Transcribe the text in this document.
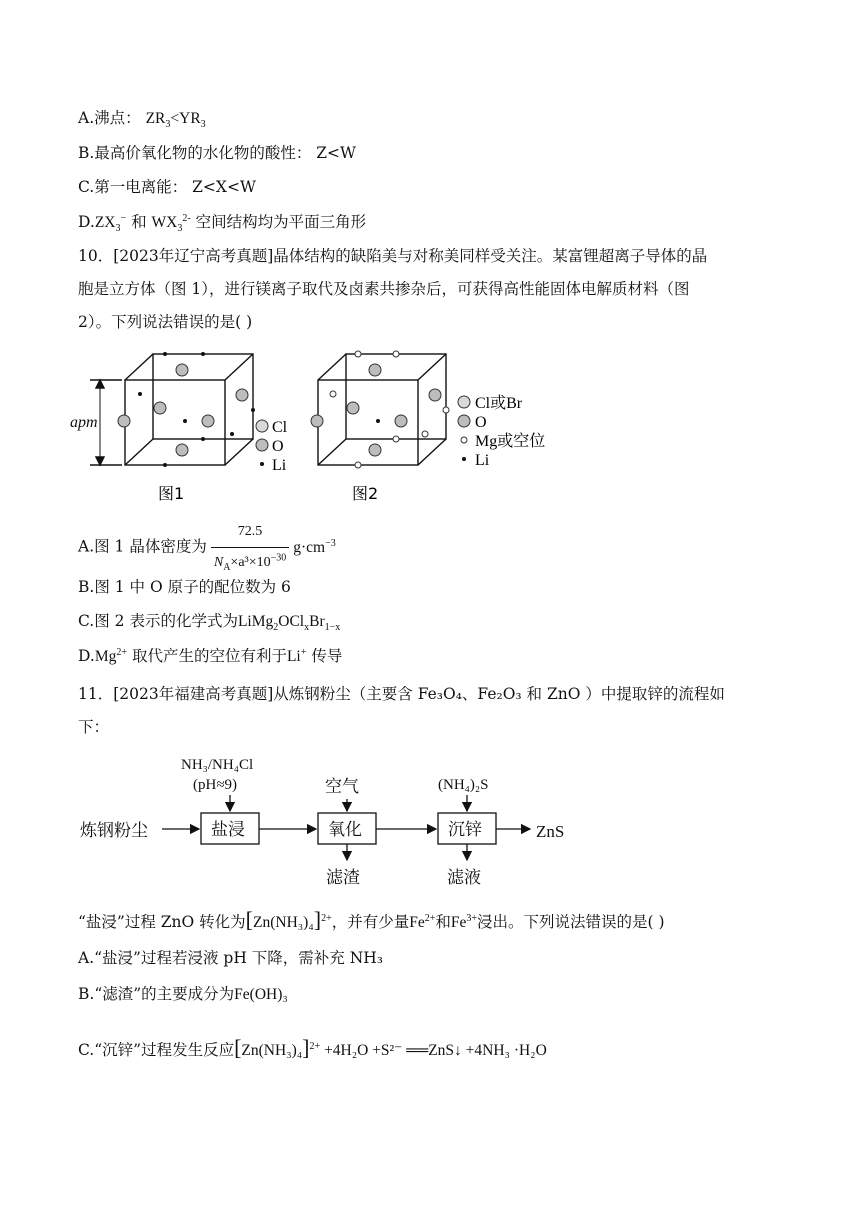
A.沸点： $ZR_3<YR_3$
B.最高价氧化物的水化物的酸性： Z<W
C.第一电离能： Z<X<W
$D.ZX_3^-$ 和 $WX_3^{2-}$ 空间结构均为平面三角形
10．[2023年辽宁高考真题]晶体结构的缺陷美与对称美同样受关注。某富锂超离子导体的晶
胞是立方体（图 1），进行镁离子取代及卤素共掺杂后，可获得高性能固体电解质材料（图
2）。下列说法错误的是( )
apm	Cl
O
Li
图1
Cl或Br
O
Mg或空位
Li
图2
A.图 1 晶体密度为 $\frac{72.5}{N_A\times a^3\times 10^{-30}} g\cdot cm^{-3}$
B.图 1 中 O 原子的配位数为 6
C.图 2 表示的化学式为$LiMg_2OCl_xBr_{1-x}$
$D.Mg^{2+}$ 取代产生的空位有利于Li+ 传导
11．[2023年福建高考真题]从炼钢粉尘（主要含 Fe₃O₄、Fe₂O₃ 和 ZnO ）中提取锌的流程如
下：
炼钢粉尘
NH₃/NH₄Cl
(pH≈9)	空气	(NH₄)₂S
ZnS
滤渣	滤液
盐浸	氧化	沉锌
“盐浸”过程 ZnO 转化为$[Zn(NH_3)_4]^{2+}$，并有少量$Fe^{2+}$和$Fe^{3+}$浸出。下列说法错误的是( )
A.“盐浸”过程若浸液 pH 下降，需补充 NH₃
B.“滤渣”的主要成分为Fe(OH)₃
C.“沉锌”过程发生反应$[Zn(NH_3)_4]^{2+} +4H_2O +S^{2-}$ ══ZnS↓ +4NH₃ ·H₂O
